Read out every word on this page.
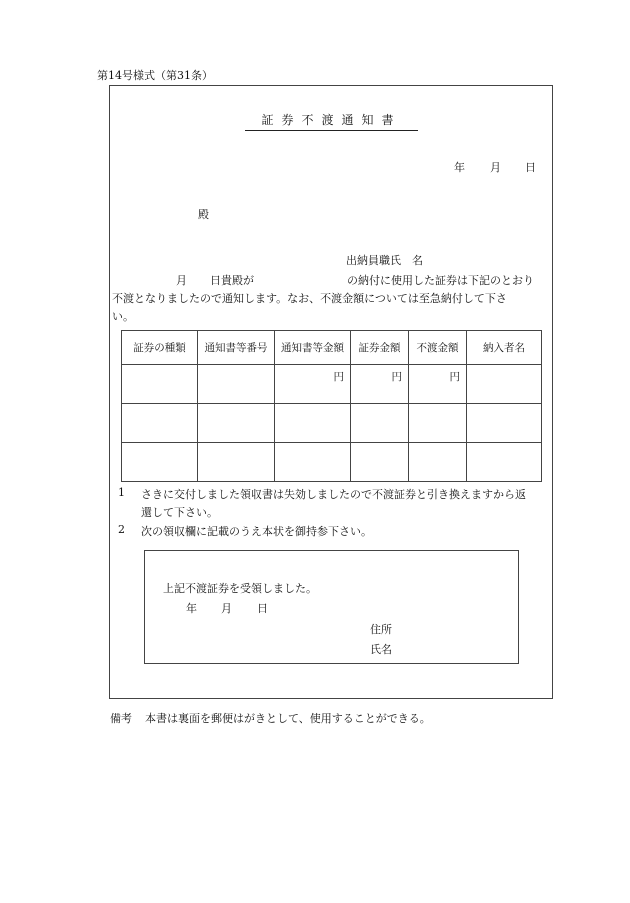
第14号様式（第31条）
証券不渡通知書
年 月 日
殿
出納員職氏　名
月 日貴殿が	の納付に使用した証券は下記のとおり
不渡となりましたので通知します。なお、不渡金額については至急納付して下さ
い。
証券の種類	通知書等番号	通知書等金額	証券金額	不渡金額	納入者名
		円	円	円	

1 さきに交付しました領収書は失効しましたので不渡証券と引き換えますから返
還して下さい。
2 次の領収欄に記載のうえ本状を御持参下さい。
上記不渡証券を受領しました。
年 月 日
住所
氏名
備考 本書は裏面を郵便はがきとして、使用することができる。
